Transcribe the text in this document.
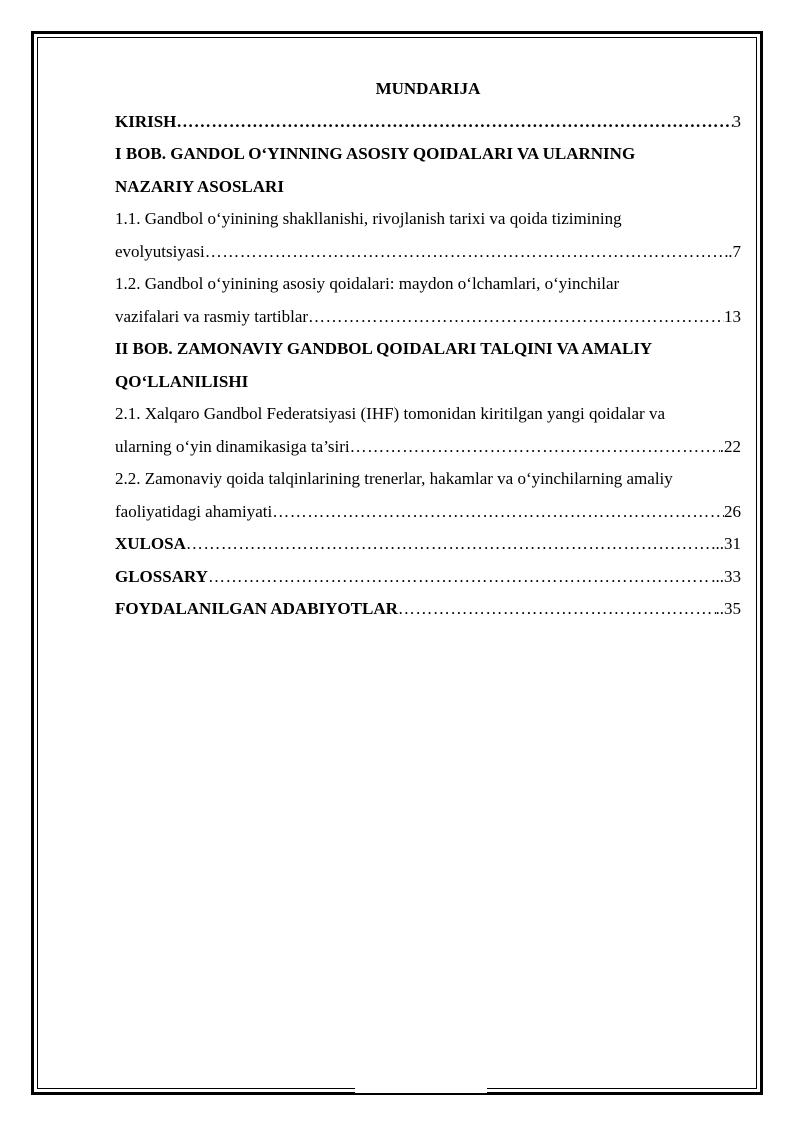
MUNDARIJA
KIRISH ……………………………………………………………………………………………………………………………………………………………………………………	3
I BOB. GANDOL O‘YINNING ASOSIY QOIDALARI VA ULARNING
NAZARIY ASOSLARI
1.1. Gandbol o‘yinining shakllanishi, rivojlanish tarixi va qoida tizimining
evolyutsiyasi ……………………………………………………………………………………………………………………………………………………………………………………	.7
1.2. Gandbol o‘yinining asosiy qoidalari: maydon o‘lchamlari, o‘yinchilar
vazifalari va rasmiy tartiblar ……………………………………………………………………………………………………………………………………………………………………………………	13
II BOB. ZAMONAVIY GANDBOL QOIDALARI TALQINI VA AMALIY
QO‘LLANILISHI
2.1. Xalqaro Gandbol Federatsiyasi (IHF) tomonidan kiritilgan yangi qoidalar va
ularning o‘yin dinamikasiga ta’siri ……………………………………………………………………………………………………………………………………………………………………………………	.22
2.2. Zamonaviy qoida talqinlarining trenerlar, hakamlar va o‘yinchilarning amaliy
faoliyatidagi ahamiyati ……………………………………………………………………………………………………………………………………………………………………………………	26
XULOSA ……………………………………………………………………………………………………………………………………………………………………………………	...31
GLOSSARY ……………………………………………………………………………………………………………………………………………………………………………………	...33
FOYDALANILGAN ADABIYOTLAR ……………………………………………………………………………………………………………………………………………………………………………………	..35
